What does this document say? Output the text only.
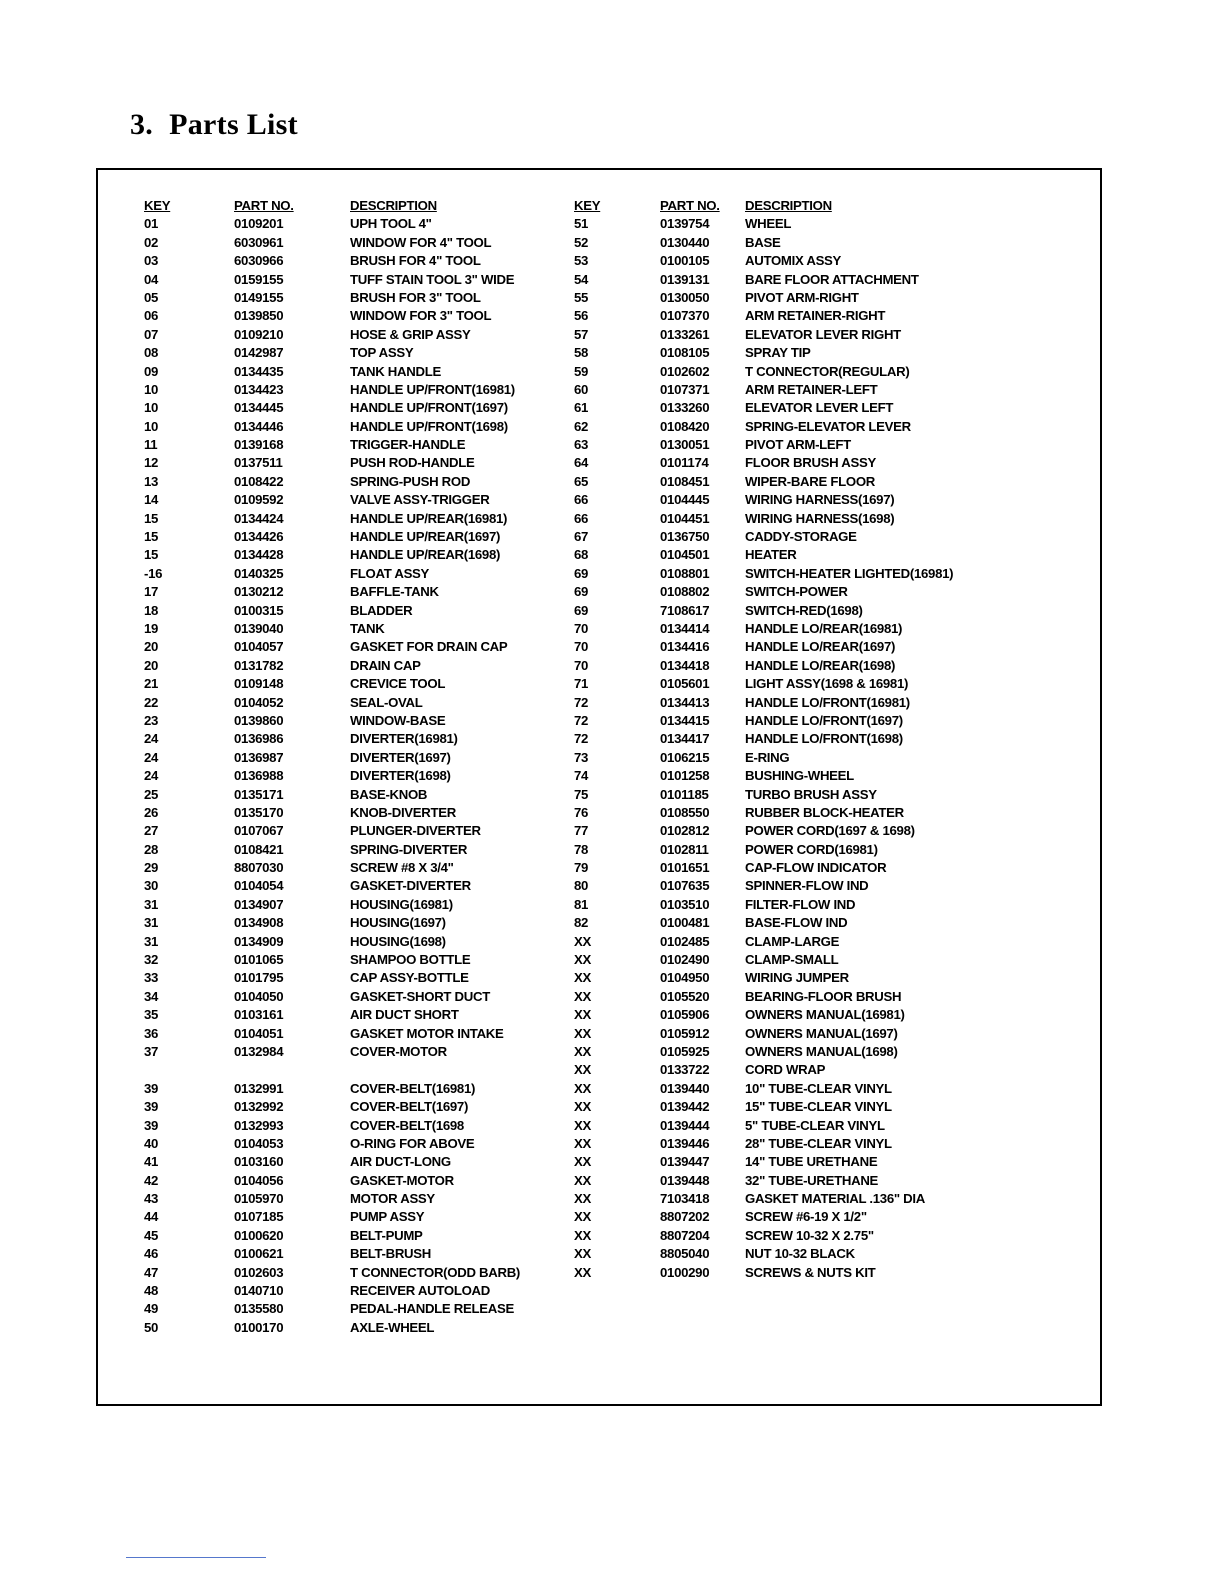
3. Parts List
KEY	PART NO.	DESCRIPTION
01	0109201	UPH TOOL 4"
02	6030961	WINDOW FOR 4" TOOL
03	6030966	BRUSH FOR 4" TOOL
04	0159155	TUFF STAIN TOOL 3" WIDE
05	0149155	BRUSH FOR 3" TOOL
06	0139850	WINDOW FOR 3" TOOL
07	0109210	HOSE & GRIP ASSY
08	0142987	TOP ASSY
09	0134435	TANK HANDLE
10	0134423	HANDLE UP/FRONT(16981)
10	0134445	HANDLE UP/FRONT(1697)
10	0134446	HANDLE UP/FRONT(1698)
11	0139168	TRIGGER-HANDLE
12	0137511	PUSH ROD-HANDLE
13	0108422	SPRING-PUSH ROD
14	0109592	VALVE ASSY-TRIGGER
15	0134424	HANDLE UP/REAR(16981)
15	0134426	HANDLE UP/REAR(1697)
15	0134428	HANDLE UP/REAR(1698)
-16	0140325	FLOAT ASSY
17	0130212	BAFFLE-TANK
18	0100315	BLADDER
19	0139040	TANK
20	0104057	GASKET FOR DRAIN CAP
20	0131782	DRAIN CAP
21	0109148	CREVICE TOOL
22	0104052	SEAL-OVAL
23	0139860	WINDOW-BASE
24	0136986	DIVERTER(16981)
24	0136987	DIVERTER(1697)
24	0136988	DIVERTER(1698)
25	0135171	BASE-KNOB
26	0135170	KNOB-DIVERTER
27	0107067	PLUNGER-DIVERTER
28	0108421	SPRING-DIVERTER
29	8807030	SCREW #8 X 3/4"
30	0104054	GASKET-DIVERTER
31	0134907	HOUSING(16981)
31	0134908	HOUSING(1697)
31	0134909	HOUSING(1698)
32	0101065	SHAMPOO BOTTLE
33	0101795	CAP ASSY-BOTTLE
34	0104050	GASKET-SHORT DUCT
35	0103161	AIR DUCT SHORT
36	0104051	GASKET MOTOR INTAKE
37	0132984	COVER-MOTOR
39	0132991	COVER-BELT(16981)
39	0132992	COVER-BELT(1697)
39	0132993	COVER-BELT(1698
40	0104053	O-RING FOR ABOVE
41	0103160	AIR DUCT-LONG
42	0104056	GASKET-MOTOR
43	0105970	MOTOR ASSY
44	0107185	PUMP ASSY
45	0100620	BELT-PUMP
46	0100621	BELT-BRUSH
47	0102603	T CONNECTOR(ODD BARB)
48	0140710	RECEIVER AUTOLOAD
49	0135580	PEDAL-HANDLE RELEASE
50	0100170	AXLE-WHEEL
KEY	PART NO. DESCRIPTION
51	0139754	WHEEL
52	0130440	BASE
53	0100105	AUTOMIX ASSY
54	0139131	BARE FLOOR ATTACHMENT
55	0130050	PIVOT ARM-RIGHT
56	0107370	ARM RETAINER-RIGHT
57	0133261	ELEVATOR LEVER RIGHT
58	0108105	SPRAY TIP
59	0102602	T CONNECTOR(REGULAR)
60	0107371	ARM RETAINER-LEFT
61	0133260	ELEVATOR LEVER LEFT
62	0108420	SPRING-ELEVATOR LEVER
63	0130051	PIVOT ARM-LEFT
64	0101174	FLOOR BRUSH ASSY
65	0108451	WIPER-BARE FLOOR
66	0104445	WIRING HARNESS(1697)
66	0104451	WIRING HARNESS(1698)
67	0136750	CADDY-STORAGE
68	0104501	HEATER
69	0108801	SWITCH-HEATER LIGHTED(16981)
69	0108802	SWITCH-POWER
69	7108617	SWITCH-RED(1698)
70	0134414	HANDLE LO/REAR(16981)
70	0134416	HANDLE LO/REAR(1697)
70	0134418	HANDLE LO/REAR(1698)
71	0105601	LIGHT ASSY(1698 & 16981)
72	0134413	HANDLE LO/FRONT(16981)
72	0134415	HANDLE LO/FRONT(1697)
72	0134417	HANDLE LO/FRONT(1698)
73	0106215	E-RING
74	0101258	BUSHING-WHEEL
75	0101185	TURBO BRUSH ASSY
76	0108550	RUBBER BLOCK-HEATER
77	0102812	POWER CORD(1697 & 1698)
78	0102811	POWER CORD(16981)
79	0101651	CAP-FLOW INDICATOR
80	0107635	SPINNER-FLOW IND
81	0103510	FILTER-FLOW IND
82	0100481	BASE-FLOW IND
XX	0102485	CLAMP-LARGE
XX	0102490	CLAMP-SMALL
XX	0104950	WIRING JUMPER
XX	0105520	BEARING-FLOOR BRUSH
XX	0105906	OWNERS MANUAL(16981)
XX	0105912	OWNERS MANUAL(1697)
XX	0105925	OWNERS MANUAL(1698)
XX	0133722	CORD WRAP
XX	0139440	10" TUBE-CLEAR VINYL
XX	0139442	15" TUBE-CLEAR VINYL
XX	0139444	5" TUBE-CLEAR VINYL
XX	0139446	28" TUBE-CLEAR VINYL
XX	0139447	14" TUBE URETHANE
XX	0139448	32" TUBE-URETHANE
XX	7103418	GASKET MATERIAL .136" DIA
XX	8807202	SCREW #6-19 X 1/2"
XX	8807204	SCREW 10-32 X 2.75"
XX	8805040	NUT 10-32 BLACK
XX	0100290	SCREWS & NUTS KIT
